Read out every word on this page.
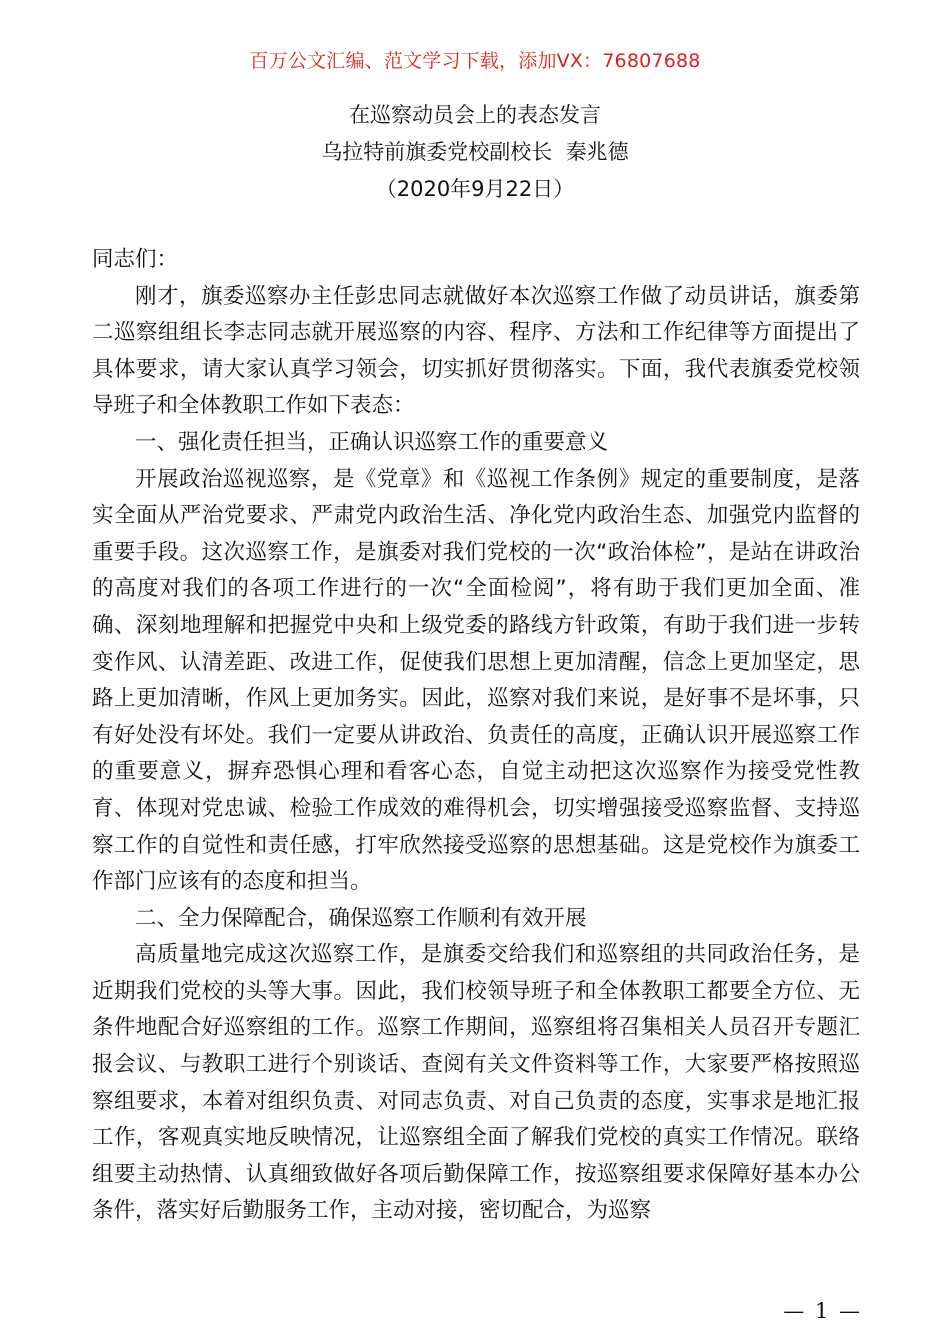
百万公文汇编、范文学习下载，添加VX：76807688
在巡察动员会上的表态发言
乌拉特前旗委党校副校长  秦兆德
（2020年9月22日）

同志们：

刚才，旗委巡察办主任彭忠同志就做好本次巡察工作做了动员讲话，旗委第二巡察组组长李志同志就开展巡察的内容、程序、方法和工作纪律等方面提出了具体要求，请大家认真学习领会，切实抓好贯彻落实。下面，我代表旗委党校领导班子和全体教职工作如下表态：

一、强化责任担当，正确认识巡察工作的重要意义

开展政治巡视巡察，是《党章》和《巡视工作条例》规定的重要制度，是落实全面从严治党要求、严肃党内政治生活、净化党内政治生态、加强党内监督的重要手段。这次巡察工作，是旗委对我们党校的一次“政治体检”，是站在讲政治的高度对我们的各项工作进行的一次“全面检阅”，将有助于我们更加全面、准确、深刻地理解和把握党中央和上级党委的路线方针政策，有助于我们进一步转变作风、认清差距、改进工作，促使我们思想上更加清醒，信念上更加坚定，思路上更加清晰，作风上更加务实。因此，巡察对我们来说，是好事不是坏事，只有好处没有坏处。我们一定要从讲政治、负责任的高度，正确认识开展巡察工作的重要意义，摒弃恐惧心理和看客心态，自觉主动把这次巡察作为接受党性教育、体现对党忠诚、检验工作成效的难得机会，切实增强接受巡察监督、支持巡察工作的自觉性和责任感，打牢欣然接受巡察的思想基础。这是党校作为旗委工作部门应该有的态度和担当。

二、全力保障配合，确保巡察工作顺利有效开展

高质量地完成这次巡察工作，是旗委交给我们和巡察组的共同政治任务，是近期我们党校的头等大事。因此，我们校领导班子和全体教职工都要全方位、无条件地配合好巡察组的工作。巡察工作期间，巡察组将召集相关人员召开专题汇报会议、与教职工进行个别谈话、查阅有关文件资料等工作，大家要严格按照巡察组要求，本着对组织负责、对同志负责、对自己负责的态度，实事求是地汇报工作，客观真实地反映情况，让巡察组全面了解我们党校的真实工作情况。联络组要主动热情、认真细致做好各项后勤保障工作，按巡察组要求保障好基本办公条件，落实好后勤服务工作，主动对接，密切配合，为巡察

— 1 —
